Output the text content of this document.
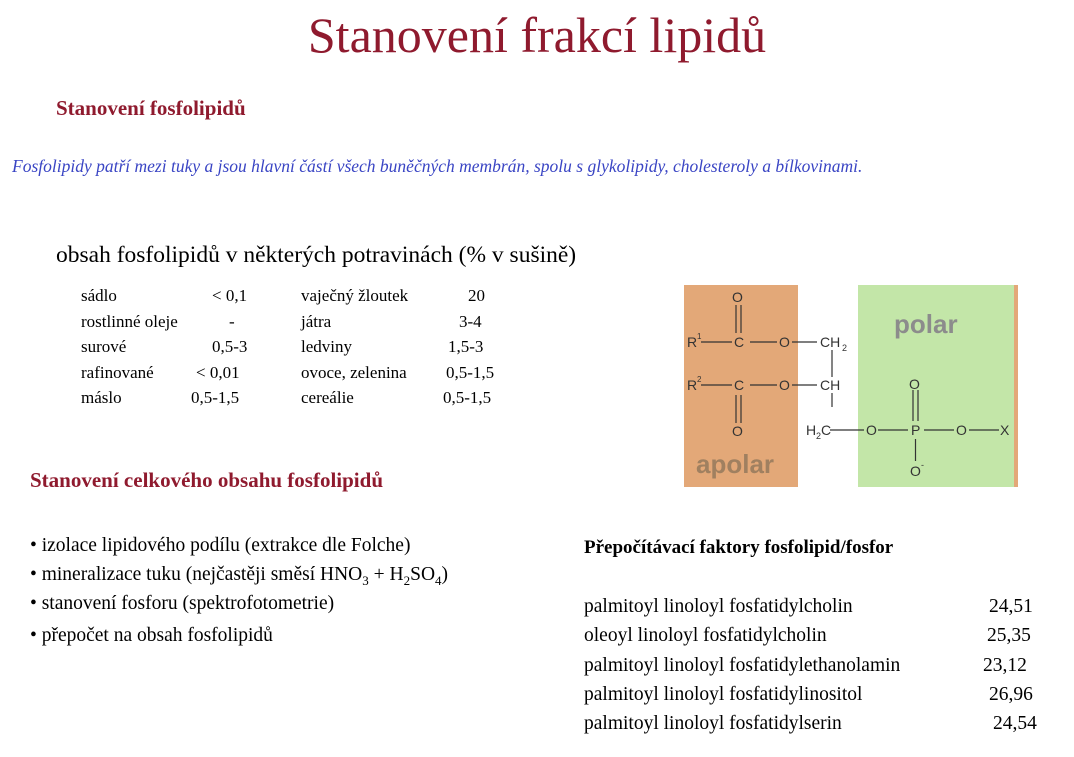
Stanovení frakcí lipidů
Stanovení fosfolipidů
Fosfolipidy patří mezi tuky a jsou hlavní částí všech buněčných membrán, spolu s glykolipidy, cholesteroly a bílkovinami.
obsah fosfolipidů v některých potravinách (% v sušině)
sádlo	< 0,1	vaječný žloutek	20
rostlinné oleje	-	játra	3-4
surové	0,5-3	ledviny	1,5-3
rafinované < 0,01	ovoce, zelenina 0,5-1,5
máslo	0,5-1,5	cereálie	0,5-1,5
polar
apolar
O
R 1 C O CH 2
R 2 C O CH
O
O
H 2 C O P	O X
O -
Stanovení celkového obsahu fosfolipidů
• izolace lipidového podílu (extrakce dle Folche)
• mineralizace tuku (nejčastěji směsí $HNO_3 + H_2SO_4$)
• stanovení fosforu (spektrofotometrie)
• přepočet na obsah fosfolipidů
Přepočítávací faktory fosfolipid/fosfor
palmitoyl linoloyl fosfatidylcholin	24,51
oleoyl linoloyl fosfatidylcholin	25,35
palmitoyl linoloyl fosfatidylethanolamin	23,12
palmitoyl linoloyl fosfatidylinositol	26,96
palmitoyl linoloyl fosfatidylserin	24,54
